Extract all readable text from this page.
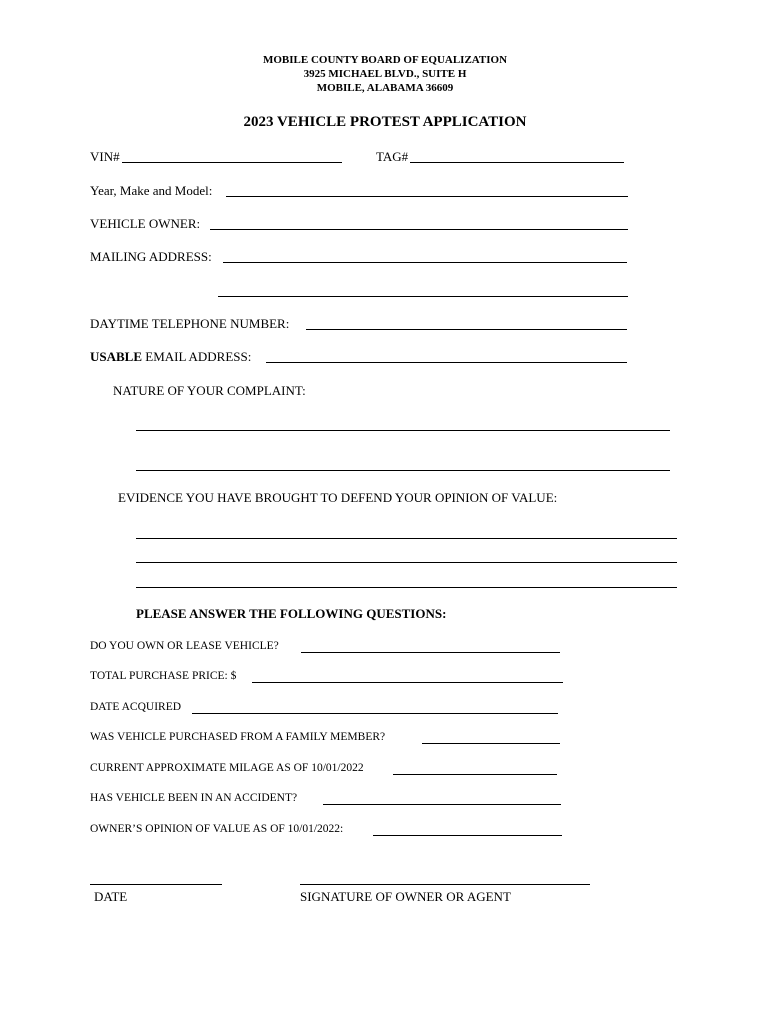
MOBILE COUNTY BOARD OF EQUALIZATION
3925 MICHAEL BLVD., SUITE H
MOBILE, ALABAMA 36609
2023 VEHICLE PROTEST APPLICATION
VIN#	TAG#
Year, Make and Model:
VEHICLE OWNER:
MAILING ADDRESS:
DAYTIME TELEPHONE NUMBER:
USABLE EMAIL ADDRESS:
NATURE OF YOUR COMPLAINT:
EVIDENCE YOU HAVE BROUGHT TO DEFEND YOUR OPINION OF VALUE:
PLEASE ANSWER THE FOLLOWING QUESTIONS:
DO YOU OWN OR LEASE VEHICLE?
TOTAL PURCHASE PRICE: $
DATE ACQUIRED
WAS VEHICLE PURCHASED FROM A FAMILY MEMBER?
CURRENT APPROXIMATE MILAGE AS OF 10/01/2022
HAS VEHICLE BEEN IN AN ACCIDENT?
OWNER’S OPINION OF VALUE AS OF 10/01/2022:
DATE	SIGNATURE OF OWNER OR AGENT
